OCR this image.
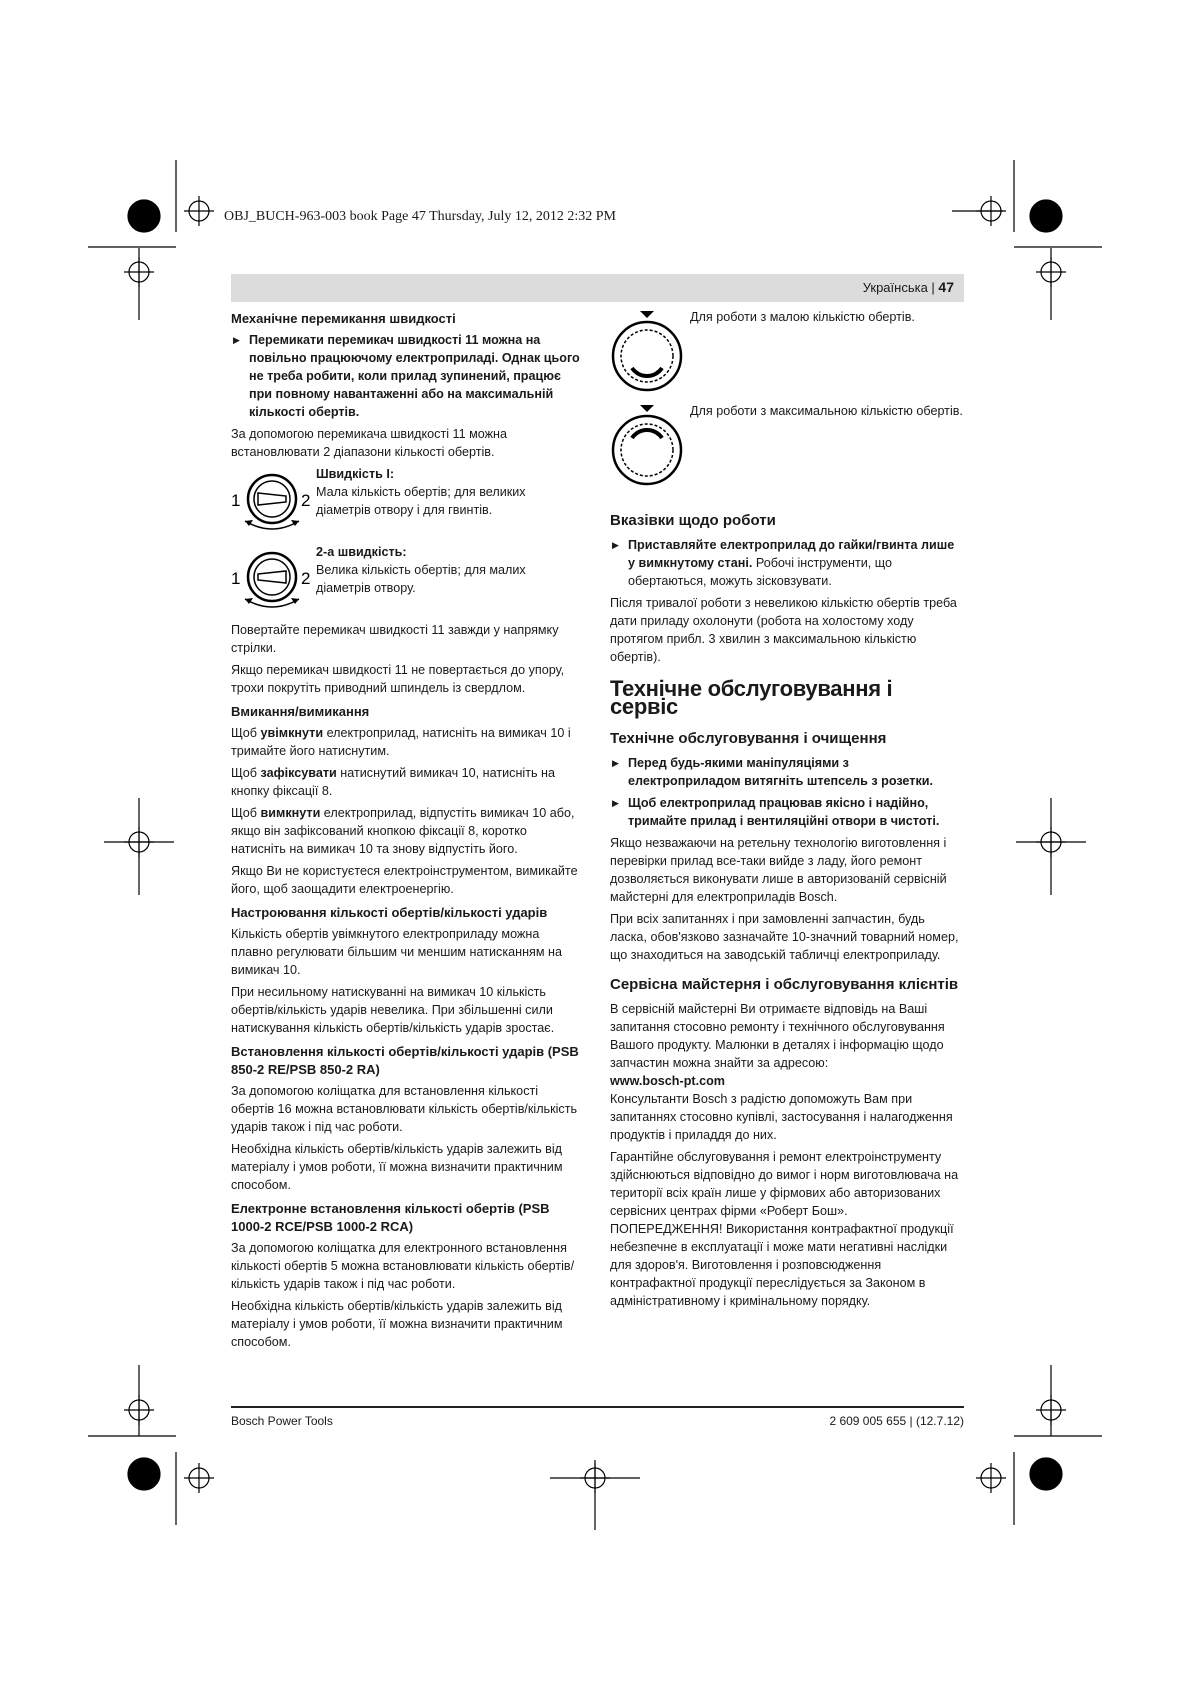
OBJ_BUCH-963-003 book Page 47 Thursday, July 12, 2012 2:32 PM
Українська | 47
Механічне перемикання швидкості
▶ Перемикати перемикач швидкості 11 можна на повільно працюючому електроприладі. Однак цього не треба робити, коли прилад зупинений, працює при повному навантаженні або на максимальній кількості обертів.

За допомогою перемикача швидкості 11 можна встановлювати 2 діапазони кількості обертів.

1	2
Швидкість I:
Мала кількість обертів; для великих діаметрів отвору і для гвинтів.
1	2
2-а швидкість:
Велика кількість обертів; для малих діаметрів отвору.

Повертайте перемикач швидкості 11 завжди у напрямку стрілки.

Якщо перемикач швидкості 11 не повертається до упору, трохи покрутіть приводний шпиндель із свердлом.

Вмикання/вимикання

Щоб увімкнути електроприлад, натисніть на вимикач 10 і тримайте його натиснутим.

Щоб зафіксувати натиснутий вимикач 10, натисніть на кнопку фіксації 8.

Щоб вимкнути електроприлад, відпустіть вимикач 10 або, якщо він зафіксований кнопкою фіксації 8, коротко натисніть на вимикач 10 та знову відпустіть його.

Якщо Ви не користуєтеся електроінструментом, вимикайте його, щоб заощадити електроенергію.

Настроювання кількості обертів/кількості ударів

Кількість обертів увімкнутого електроприладу можна плавно регулювати більшим чи меншим натисканням на вимикач 10.

При несильному натискуванні на вимикач 10 кількість обертів/кількість ударів невелика. При збільшенні сили натискування кількість обертів/кількість ударів зростає.

Встановлення кількості обертів/кількості ударів (PSB 850-2 RE/PSB 850-2 RA)

За допомогою коліщатка для встановлення кількості обертів 16 можна встановлювати кількість обертів/кількість ударів також і під час роботи.

Необхідна кількість обертів/кількість ударів залежить від матеріалу і умов роботи, її можна визначити практичним способом.

Електронне встановлення кількості обертів (PSB 1000-2 RCE/PSB 1000-2 RCA)

За допомогою коліщатка для електронного встановлення кількості обертів 5 можна встановлювати кількість обертів/кількість ударів також і під час роботи.

Необхідна кількість обертів/кількість ударів залежить від матеріалу і умов роботи, її можна визначити практичним способом.

Для роботи з малою кількістю обертів.
Для роботи з максимальною кількістю обертів.
Вказівки щодо роботи
▶ Приставляйте електроприлад до гайки/гвинта лише у вимкнутому стані. Робочі інструменти, що обертаються, можуть зісковзувати.

Після тривалої роботи з невеликою кількістю обертів треба дати приладу охолонути (робота на холостому ходу протягом прибл. 3 хвилин з максимальною кількістю обертів).

Технічне обслуговування і сервіс
Технічне обслуговування і очищення
▶ Перед будь-якими маніпуляціями з електроприладом витягніть штепсель з розетки.
▶ Щоб електроприлад працював якісно і надійно, тримайте прилад і вентиляційні отвори в чистоті.

Якщо незважаючи на ретельну технологію виготовлення і перевірки прилад все-таки вийде з ладу, його ремонт дозволяється виконувати лише в авторизованій сервісній майстерні для електроприладів Bosch.

При всіх запитаннях і при замовленні запчастин, будь ласка, обов'язково зазначайте 10-значний товарний номер, що знаходиться на заводській табличці електроприладу.

Сервісна майстерня і обслуговування клієнтів

В сервісній майстерні Ви отримаєте відповідь на Ваші запитання стосовно ремонту і технічного обслуговування Вашого продукту. Малюнки в деталях і інформацію щодо запчастин можна знайти за адресою:

www.bosch-pt.com

Консультанти Bosch з радістю допоможуть Вам при запитаннях стосовно купівлі, застосування і налагодження продуктів і приладдя до них.

Гарантійне обслуговування і ремонт електроінструменту здійснюються відповідно до вимог і норм виготовлювача на території всіх країн лише у фірмових або авторизованих сервісних центрах фірми «Роберт Бош».

ПОПЕРЕДЖЕННЯ! Використання контрафактної продукції небезпечне в експлуатації і може мати негативні наслідки для здоров'я. Виготовлення і розповсюдження контрафактної продукції переслідується за Законом в адміністративному і кримінальному порядку.

Bosch Power Tools	2 609 005 655 | (12.7.12)
